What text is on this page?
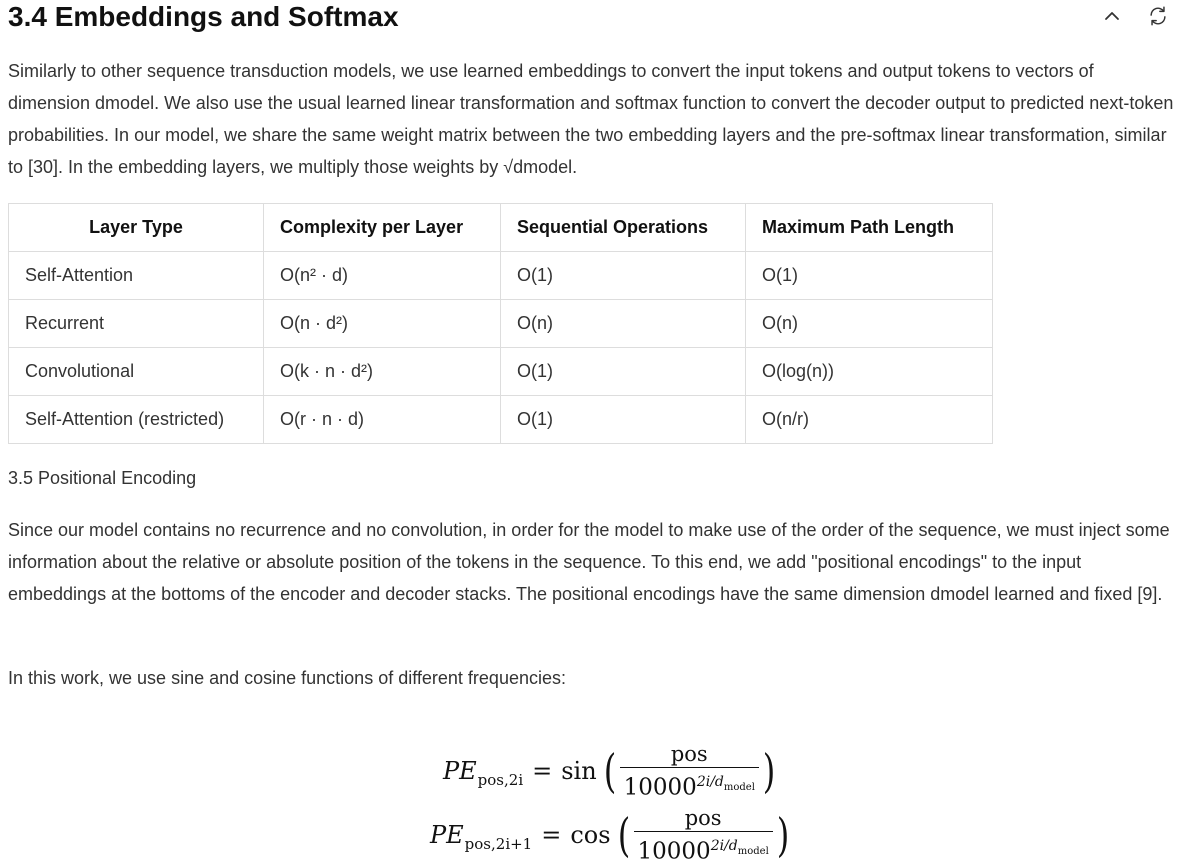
3.4 Embeddings and Softmax

Similarly to other sequence transduction models, we use learned embeddings to convert the input tokens and output tokens to vectors of dimension dmodel. We also use the usual learned linear transformation and softmax function to convert the decoder output to predicted next-token probabilities. In our model, we share the same weight matrix between the two embedding layers and the pre-softmax linear transformation, similar to [30]. In the embedding layers, we multiply those weights by √dmodel.

Layer Type	Complexity per Layer	Sequential Operations	Maximum Path Length
Self-Attention	O(n² · d)	O(1)	O(1)
Recurrent	O(n · d²)	O(n)	O(n)
Convolutional	O(k · n · d²)	O(1)	O(log(n))
Self-Attention (restricted)	O(r · n · d)	O(1)	O(n/r)
3.5 Positional Encoding

Since our model contains no recurrence and no convolution, in order for the model to make use of the order of the sequence, we must inject some information about the relative or absolute position of the tokens in the sequence. To this end, we add "positional encodings" to the input embeddings at the bottoms of the encoder and decoder stacks. The positional encodings have the same dimension dmodel learned and fixed [9].

In this work, we use sine and cosine functions of different frequencies:

PE pos,2i = sin ( $\frac{\text{pos}}{10000^{2i/d_{model}}}$ )
PE pos,2i+1 = cos ( $\frac{\text{pos}}{10000^{2i/d_{model}}}$ )
